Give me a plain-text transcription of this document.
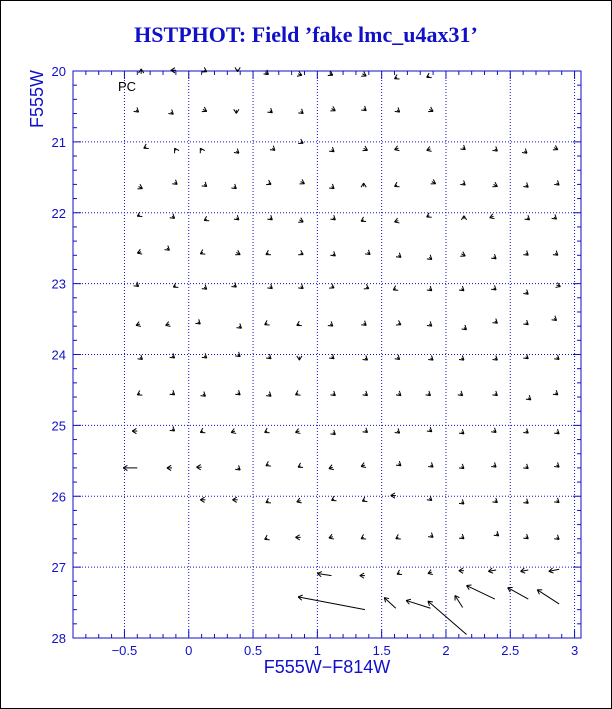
HSTPHOT: Field ’fake lmc_u4ax31’
−0.5	0	0.5	1	1.5	2	2.5	3
20
21
22
23
24
25
26
27
28
PC
F555W−F814W
F555W
